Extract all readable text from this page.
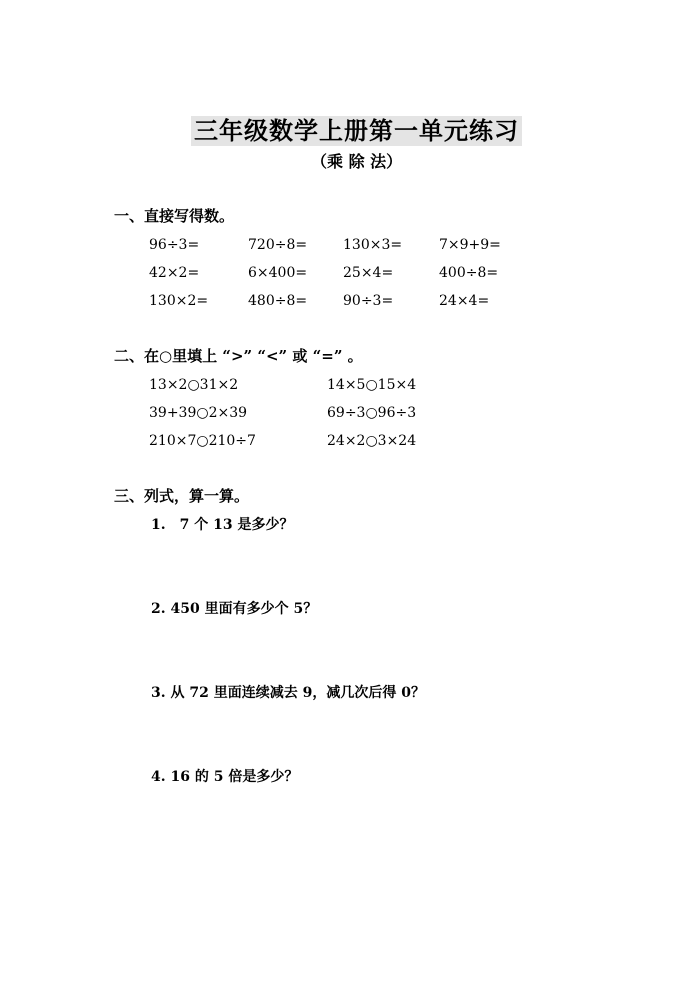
三年级数学上册第一单元练习
（乘 除 法）
一、直接写得数。
96÷3=	720÷8=	130×3=	7×9+9=
42×2=	6×400=	25×4=	400÷8=
130×2=	480÷8=	90÷3=	24×4=
二、在○里填上 “>” “<” 或 “=” 。
13×2○31×2	14×5○15×4
39+39○2×39	69÷3○96÷3
210×7○210÷7	24×2○3×24
三、列式，算一算。
1.　7 个 13 是多少？
2. 450 里面有多少个 5？
3. 从 72 里面连续减去 9，减几次后得 0？
4. 16 的 5 倍是多少？
